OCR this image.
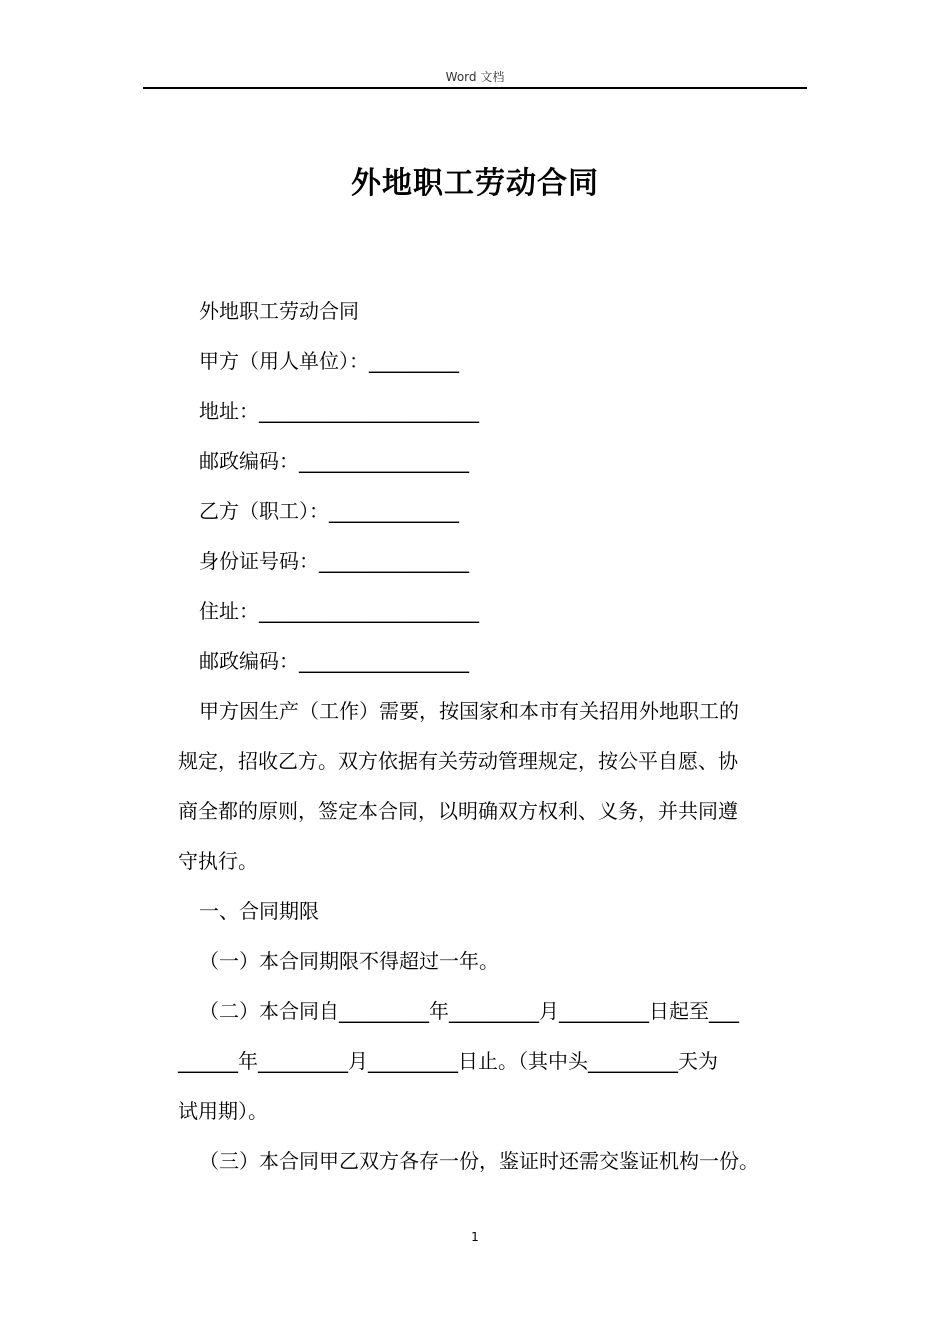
Word 文档
外地职工劳动合同
外地职工劳动合同
甲方（用人单位）：_________
地址：______________________
邮政编码：_________________
乙方（职工）：_____________
身份证号码：_______________
住址：______________________
邮政编码：_________________
甲方因生产（工作）需要，按国家和本市有关招用外地职工的
规定，招收乙方。双方依据有关劳动管理规定，按公平自愿、协
商全都的原则，签定本合同，以明确双方权利、义务，并共同遵
守执行。
一、合同期限
（一）本合同期限不得超过一年。
（二）本合同自_________年_________月_________日起至___
______年_________月_________日止。（其中头_________天为
试用期）。
（三）本合同甲乙双方各存一份，鉴证时还需交鉴证机构一份。
1
